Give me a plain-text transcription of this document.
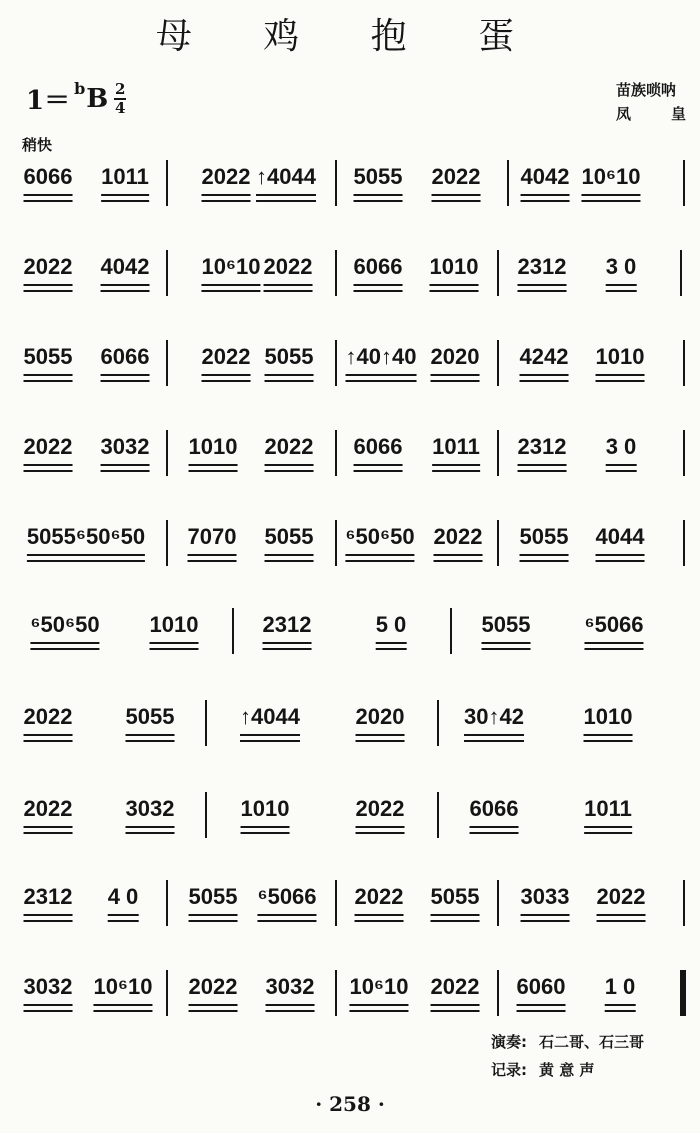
母 鸡 抱 蛋
1＝ b B $\frac{2}{4}$	苗族唢呐
凤	皇
稍快
6066 1011 2022 ↑4044 5055 2022 4042 10⁶10
2022 4042 10⁶10 2022 6066 1010 2312 3 0
5055 6066 2022 5055 ↑40↑40 2020 4242 1010
2022 3032 1010 2022 6066 1011 2312 3 0
5055⁶50⁶50 7070 5055 ⁶50⁶50 2022 5055 4044
⁶50⁶50 1010	2312	5 0	5055 ⁶5066
2022 5055	↑4044	2020	30↑42	1010
2022 3032	1010	2022	6066	1011
2312 4 0 5055 ⁶5066 2022 5055 3033 2022
3032 10⁶10 2022 3032 10⁶10 2022 6060 1 0
演奏: 石二哥、石三哥
记录: 黄 意 声
· 258 ·
